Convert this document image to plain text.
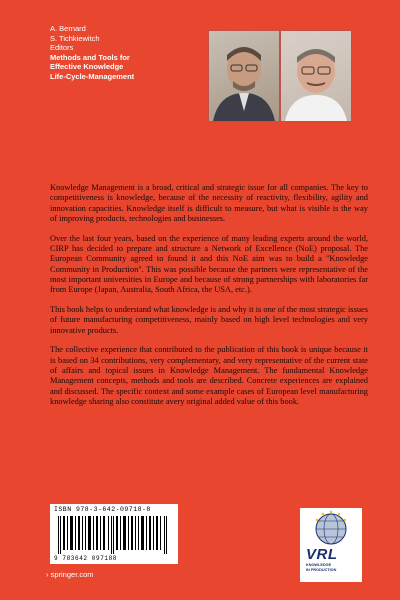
A. Bernard
S. Tichkiewitch
Editors
Methods and Tools for
Effective Knowledge
Life-Cycle-Management

Knowledge Management is a broad, critical and strategic issue for all companies. The key to competitiveness is knowledge, because of the necessity of reactivity, flexibility, agility and innovation capacities. Knowledge itself is difficult to measure, but what is visible is the way of improving products, technologies and businesses.

Over the last four years, based on the experience of many leading experts around the world, CIRP has decided to prepare and structure a Network of Excellence (NoE) proposal. The European Community agreed to found it and this NoE aim was to build a "Knowledge Community in Production". This was possible because the partners were representative of the most important universities in Europe and because of strong partnerships with laboratories far from Europe (Japan, Australia, South Africa, the USA, etc.).

This book helps to understand what knowledge is and why it is one of the most strategic issues of future manufacturing competitiveness, mainly based on high level technologies and very innovative products.

The collective experience that contributed to the publication of this book is unique because it is based on 34 contributions, very complementary, and very representative of the current state of affairs and topical issues in Knowledge Management. The fundamental Knowledge Management concepts, methods and tools are described. Concrete experiences are explained and discussed. The specific context and some example cases of European level manufacturing knowledge sharing also constitute avery original added value of this book.

ISBN 978-3-642-09718-8
9 783642 097188	VRL
KNOWLEDGE
IN PRODUCTION
› springer.com
